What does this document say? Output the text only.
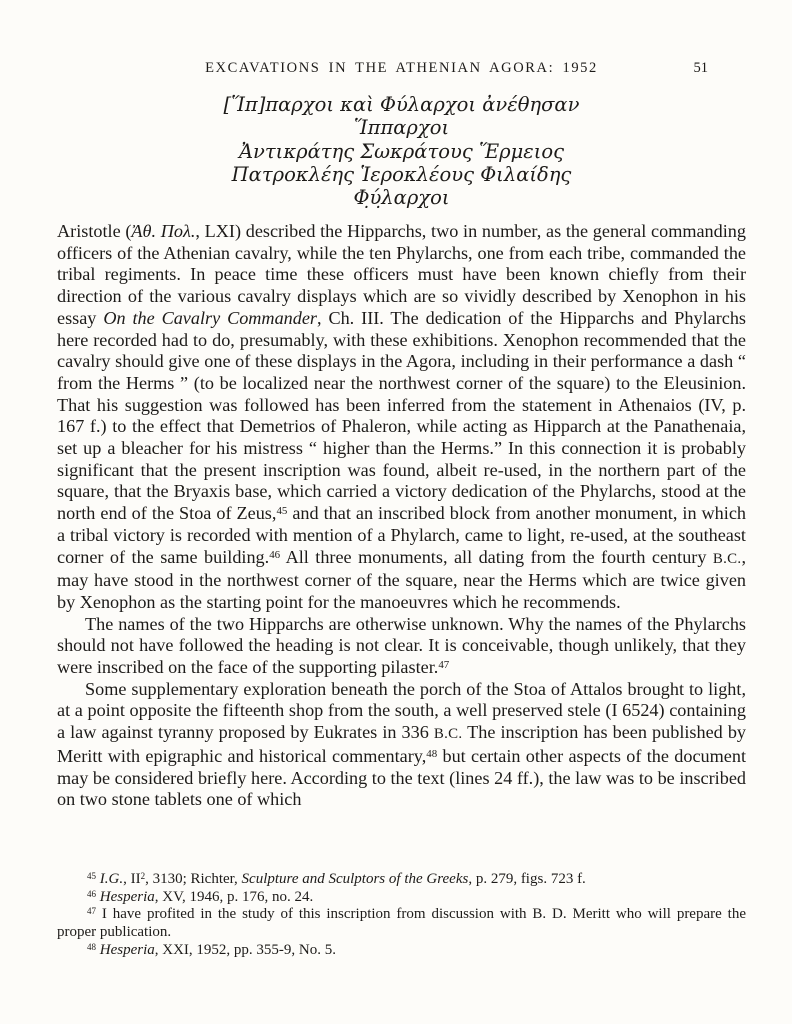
EXCAVATIONS IN THE ATHENIAN AGORA: 1952	51
[Ἵπ]παρχοι καὶ Φύλαρχοι ἀνέθησαν
Ἵππαρχοι
Ἀντικράτης Σωκράτους Ἕρμειος
Πατροκλέης Ἱεροκλέους Φιλαίδης
Φ̣ύ̣λαρχοι

Aristotle (Ἀθ. Πολ., LXI) described the Hipparchs, two in number, as the general commanding officers of the Athenian cavalry, while the ten Phylarchs, one from each tribe, commanded the tribal regiments. In peace time these officers must have been known chiefly from their direction of the various cavalry displays which are so vividly described by Xenophon in his essay On the Cavalry Commander, Ch. III. The dedication of the Hipparchs and Phylarchs here recorded had to do, presumably, with these exhibitions. Xenophon recommended that the cavalry should give one of these displays in the Agora, including in their performance a dash “ from the Herms ” (to be localized near the northwest corner of the square) to the Eleusinion. That his suggestion was followed has been inferred from the statement in Athenaios (IV, p. 167 f.) to the effect that Demetrios of Phaleron, while acting as Hipparch at the Panathenaia, set up a bleacher for his mistress “ higher than the Herms.” In this connection it is probably significant that the present inscription was found, albeit re-used, in the northern part of the square, that the Bryaxis base, which carried a victory dedication of the Phylarchs, stood at the north end of the Stoa of Zeus,$^{45}$ and that an inscribed block from another monument, in which a tribal victory is recorded with mention of a Phylarch, came to light, re-used, at the southeast corner of the same building.$^{46}$ All three monuments, all dating from the fourth century B.C., may have stood in the northwest corner of the square, near the Herms which are twice given by Xenophon as the starting point for the manoeuvres which he recommends.

The names of the two Hipparchs are otherwise unknown. Why the names of the Phylarchs should not have followed the heading is not clear. It is conceivable, though unlikely, that they were inscribed on the face of the supporting pilaster.$^{47}$

Some supplementary exploration beneath the porch of the Stoa of Attalos brought to light, at a point opposite the fifteenth shop from the south, a well preserved stele (I 6524) containing a law against tyranny proposed by Eukrates in 336 B.C. The inscription has been published by Meritt with epigraphic and historical commentary,$^{48}$ but certain other aspects of the document may be considered briefly here. According to the text (lines 24 ff.), the law was to be inscribed on two stone tablets one of which

$^{45}$ I.G., $II^2$, 3130; Richter, Sculpture and Sculptors of the Greeks, p. 279, figs. 723 f.

$^{46}$ Hesperia, XV, 1946, p. 176, no. 24.

$^{47}$ I have profited in the study of this inscription from discussion with B. D. Meritt who will prepare the proper publication.

$^{48}$ Hesperia, XXI, 1952, pp. 355-9, No. 5.
